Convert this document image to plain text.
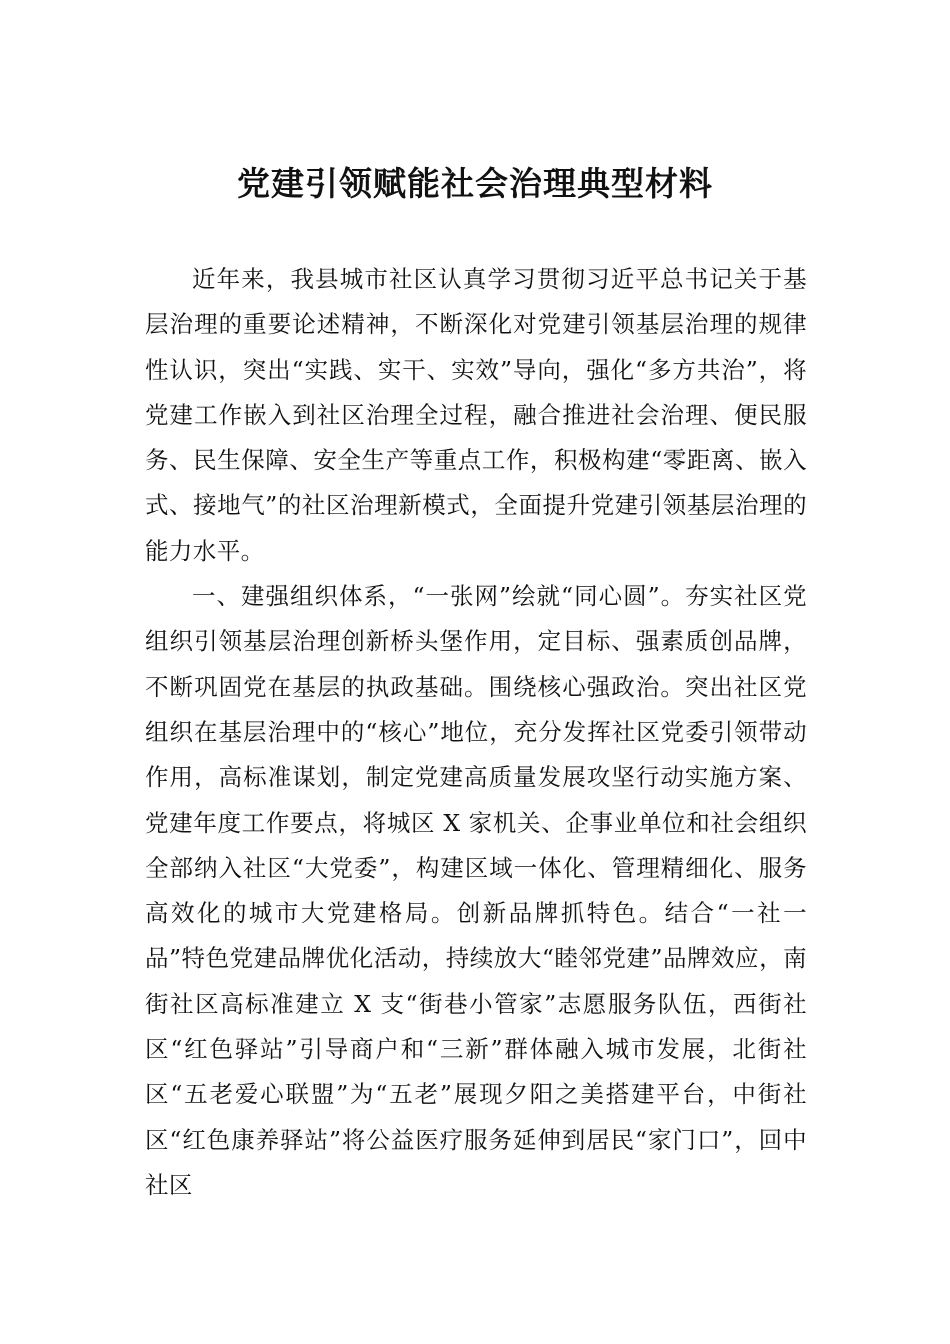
党建引领赋能社会治理典型材料

近年来，我县城市社区认真学习贯彻习近平总书记关于基层治理的重要论述精神，不断深化对党建引领基层治理的规律性认识，突出“实践、实干、实效”导向，强化“多方共治”，将党建工作嵌入到社区治理全过程，融合推进社会治理、便民服务、民生保障、安全生产等重点工作，积极构建“零距离、嵌入式、接地气”的社区治理新模式，全面提升党建引领基层治理的能力水平。

一、建强组织体系，“一张网”绘就“同心圆”。夯实社区党组织引领基层治理创新桥头堡作用，定目标、强素质创品牌，不断巩固党在基层的执政基础。围绕核心强政治。突出社区党组织在基层治理中的“核心”地位，充分发挥社区党委引领带动作用，高标准谋划，制定党建高质量发展攻坚行动实施方案、党建年度工作要点，将城区 X 家机关、企事业单位和社会组织全部纳入社区“大党委”，构建区域一体化、管理精细化、服务高效化的城市大党建格局。创新品牌抓特色。结合“一社一品”特色党建品牌优化活动，持续放大“睦邻党建”品牌效应，南街社区高标准建立 X 支“街巷小管家”志愿服务队伍，西街社区“红色驿站”引导商户和“三新”群体融入城市发展，北街社区“五老爱心联盟”为“五老”展现夕阳之美搭建平台，中街社区“红色康养驿站”将公益医疗服务延伸到居民“家门口”，回中社区
